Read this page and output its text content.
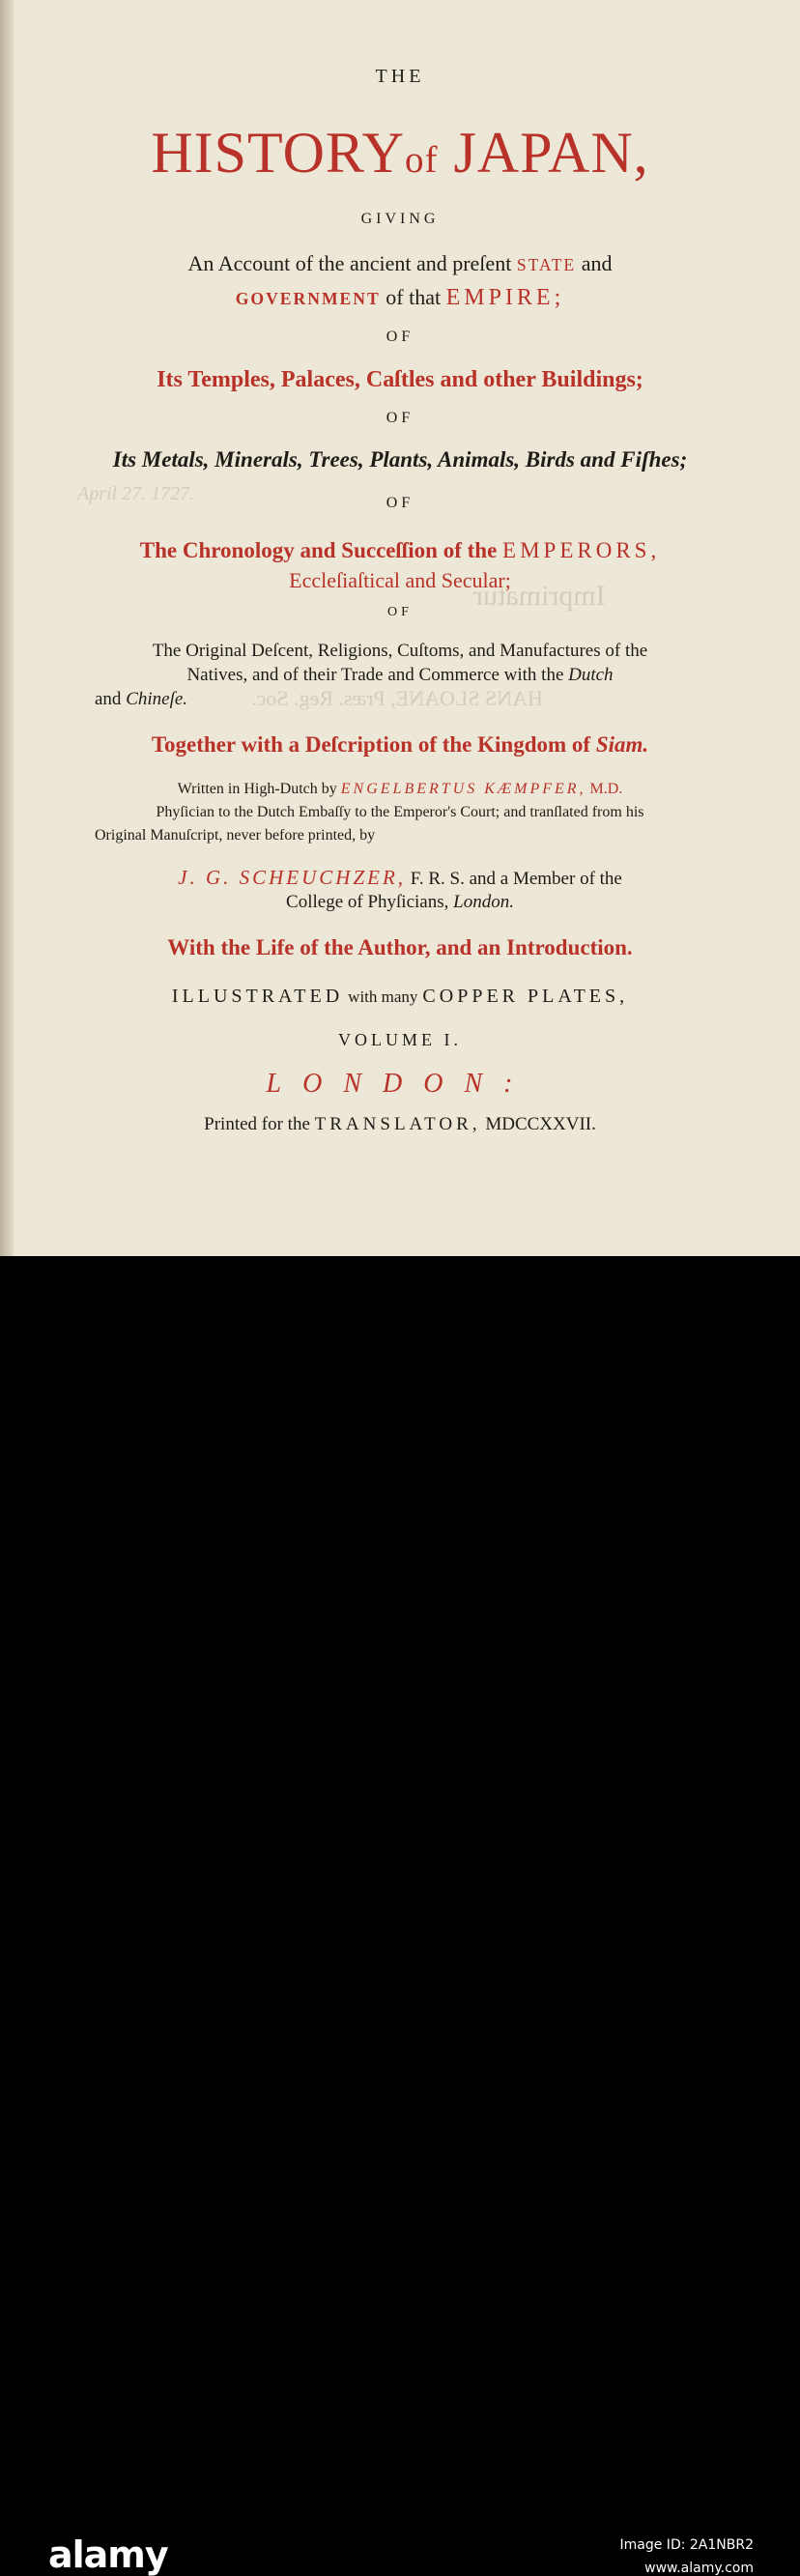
April 27. 1727.
Imprimatur
HANS SLOANE, Præs. Reg. Soc.
THE
HISTORYof JAPAN,
GIVING
An Account of the ancient and preſent STATE and
GOVERNMENT of that EMPIRE;
OF
Its Temples, Palaces, Caſtles and other Buildings;
OF
Its Metals, Minerals, Trees, Plants, Animals, Birds and Fiſhes;
OF
The Chronology and Succeſſion of the EMPERORS,
Eccleſiaſtical and Secular;
OF
The Original Deſcent, Religions, Cuſtoms, and Manufactures of the
Natives, and of their Trade and Commerce with the Dutch
and Chineſe.
Together with a Deſcription of the Kingdom of Siam.
Written in High-Dutch by ENGELBERTUS KÆMPFER, M.D.
Phyſician to the Dutch Embaſſy to the Emperor's Court; and tranſlated from his
Original Manuſcript, never before printed, by
J. G. SCHEUCHZER, F. R. S. and a Member of the
College of Phyſicians, London.
With the Life of the Author, and an Introduction.
ILLUSTRATED with many COPPER PLATES,
VOLUME I.
LONDON:
Printed for the TRANSLATOR, MDCCXXVII.
alamy	Image ID: 2A1NBR2
www.alamy.com
